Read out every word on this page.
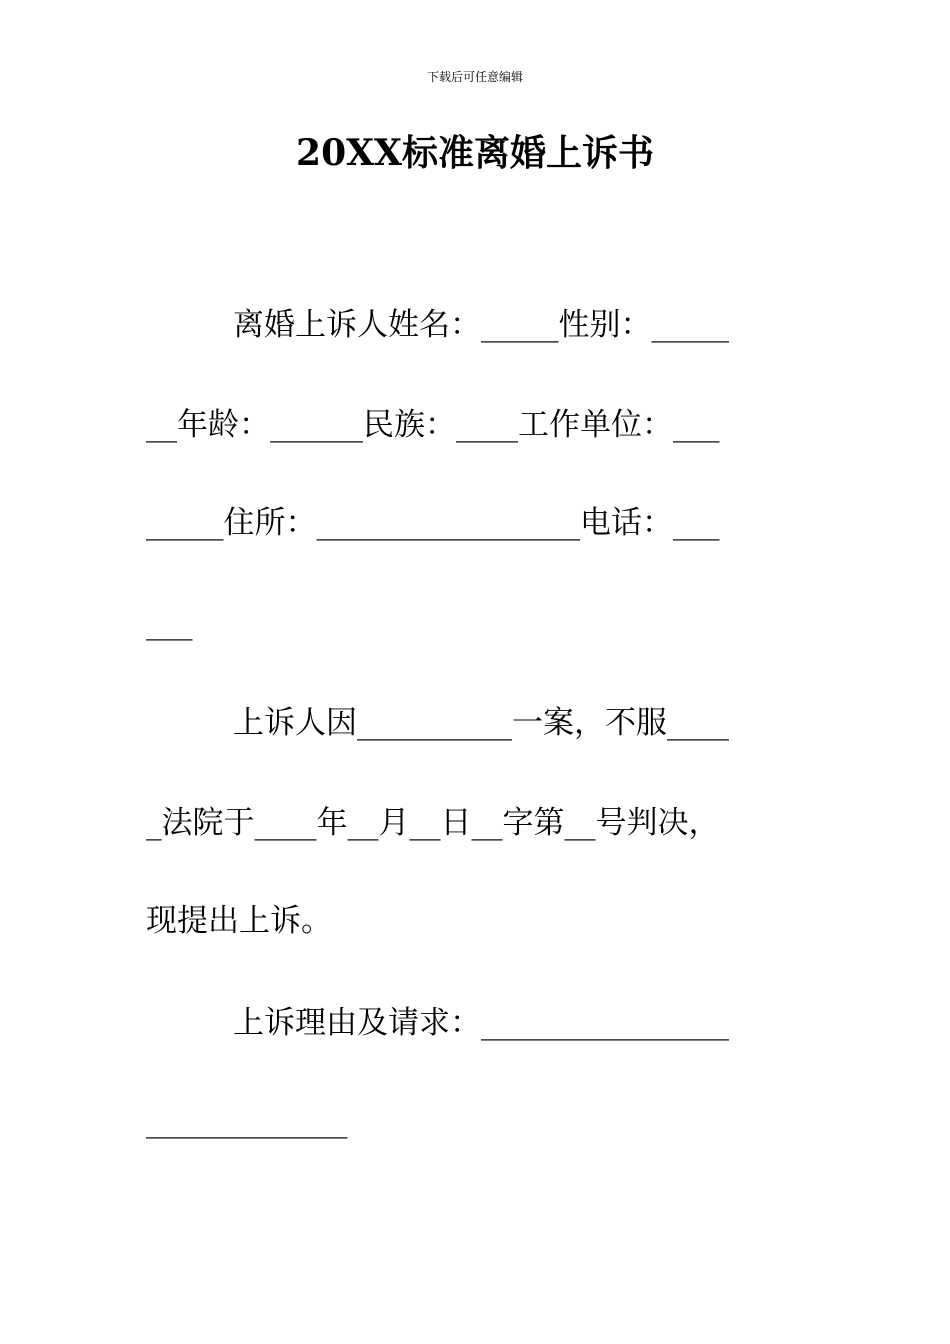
下载后可任意编辑
20XX标准离婚上诉书
离婚上诉人姓名：_____性别：_____
__年龄：______民族：____工作单位：___
_____住所：_________________电话：___
___
上诉人因__________一案，不服____
_法院于____年__月__日__字第__号判决，
现提出上诉。
上诉理由及请求：________________
_____________
